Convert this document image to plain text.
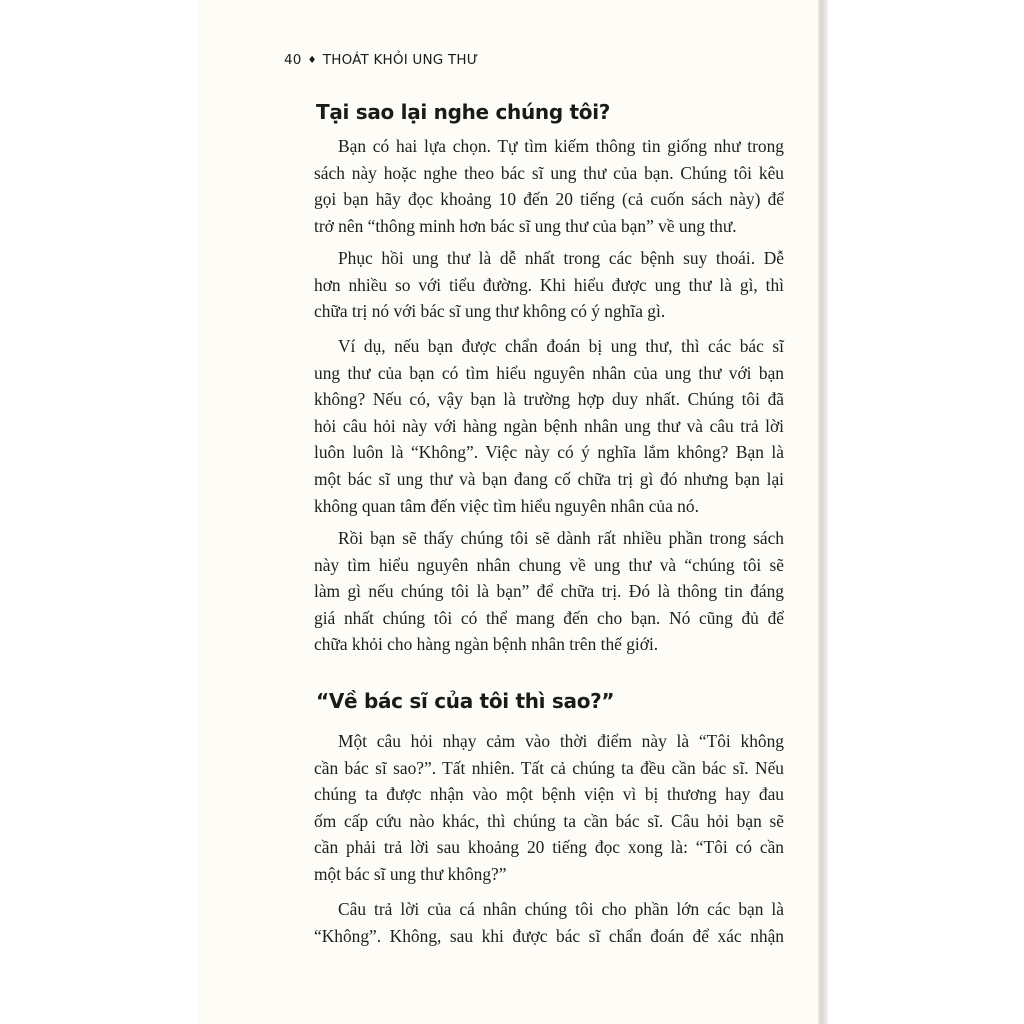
40 ♦ THOÁT KHỎI UNG THƯ
Tại sao lại nghe chúng tôi?
Bạn có hai lựa chọn. Tự tìm kiếm thông tin giống như trong
sách này hoặc nghe theo bác sĩ ung thư của bạn. Chúng tôi kêu
gọi bạn hãy đọc khoảng 10 đến 20 tiếng (cả cuốn sách này) để
trở nên “thông minh hơn bác sĩ ung thư của bạn” về ung thư.
Phục hồi ung thư là dễ nhất trong các bệnh suy thoái. Dễ
hơn nhiều so với tiểu đường. Khi hiểu được ung thư là gì, thì
chữa trị nó với bác sĩ ung thư không có ý nghĩa gì.
Ví dụ, nếu bạn được chẩn đoán bị ung thư, thì các bác sĩ
ung thư của bạn có tìm hiểu nguyên nhân của ung thư với bạn
không? Nếu có, vậy bạn là trường hợp duy nhất. Chúng tôi đã
hỏi câu hỏi này với hàng ngàn bệnh nhân ung thư và câu trả lời
luôn luôn là “Không”. Việc này có ý nghĩa lắm không? Bạn là
một bác sĩ ung thư và bạn đang cố chữa trị gì đó nhưng bạn lại
không quan tâm đến việc tìm hiểu nguyên nhân của nó.
Rồi bạn sẽ thấy chúng tôi sẽ dành rất nhiều phần trong sách
này tìm hiểu nguyên nhân chung về ung thư và “chúng tôi sẽ
làm gì nếu chúng tôi là bạn” để chữa trị. Đó là thông tin đáng
giá nhất chúng tôi có thể mang đến cho bạn. Nó cũng đủ để
chữa khỏi cho hàng ngàn bệnh nhân trên thế giới.
“Về bác sĩ của tôi thì sao?”
Một câu hỏi nhạy cảm vào thời điểm này là “Tôi không
cần bác sĩ sao?”. Tất nhiên. Tất cả chúng ta đều cần bác sĩ. Nếu
chúng ta được nhận vào một bệnh viện vì bị thương hay đau
ốm cấp cứu nào khác, thì chúng ta cần bác sĩ. Câu hỏi bạn sẽ
cần phải trả lời sau khoảng 20 tiếng đọc xong là: “Tôi có cần
một bác sĩ ung thư không?”
Câu trả lời của cá nhân chúng tôi cho phần lớn các bạn là
“Không”. Không, sau khi được bác sĩ chẩn đoán để xác nhận
